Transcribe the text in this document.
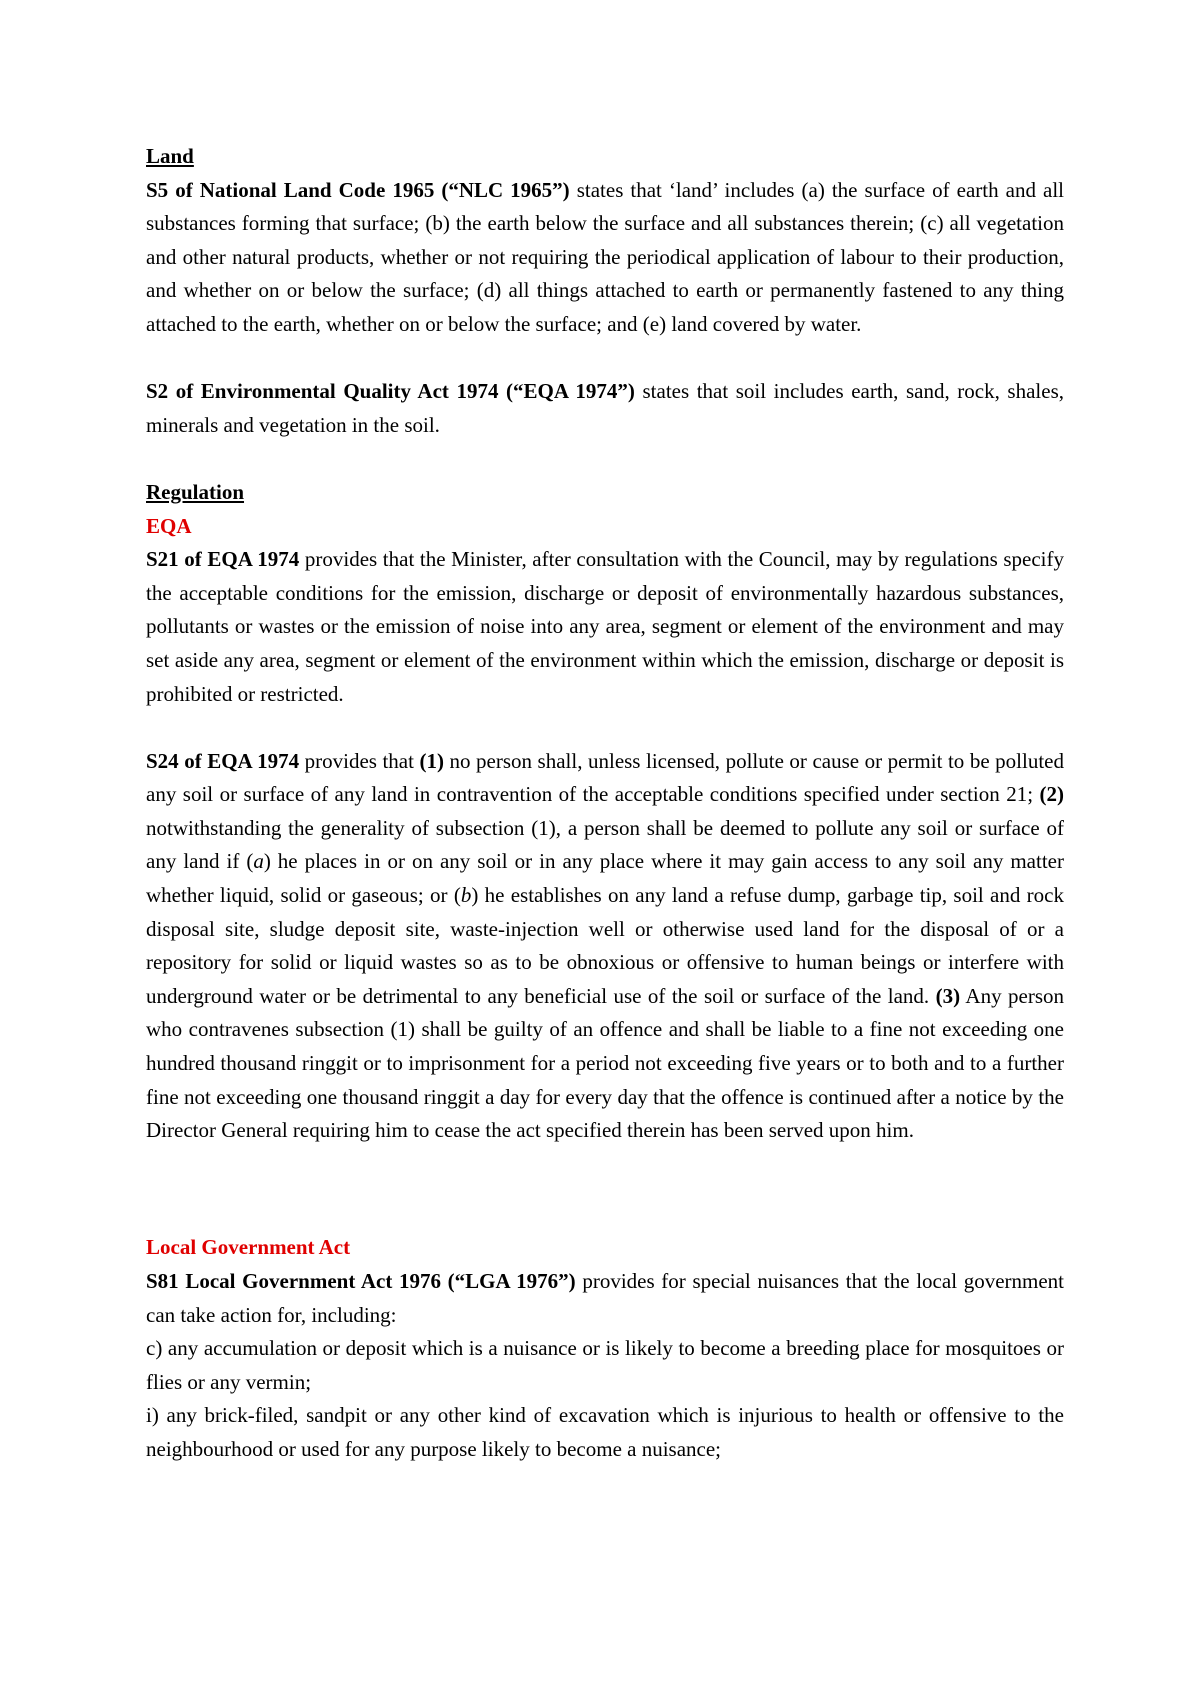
Land

S5 of National Land Code 1965 (“NLC 1965”) states that ‘land’ includes (a) the surface of earth and all substances forming that surface; (b) the earth below the surface and all substances therein; (c) all vegetation and other natural products, whether or not requiring the periodical application of labour to their production, and whether on or below the surface; (d) all things attached to earth or permanently fastened to any thing attached to the earth, whether on or below the surface; and (e) land covered by water.

S2 of Environmental Quality Act 1974 (“EQA 1974”) states that soil includes earth, sand, rock, shales, minerals and vegetation in the soil.

Regulation

EQA

S21 of EQA 1974 provides that the Minister, after consultation with the Council, may by regulations specify the acceptable conditions for the emission, discharge or deposit of environmentally hazardous substances, pollutants or wastes or the emission of noise into any area, segment or element of the environment and may set aside any area, segment or element of the environment within which the emission, discharge or deposit is prohibited or restricted.

S24 of EQA 1974 provides that (1) no person shall, unless licensed, pollute or cause or permit to be polluted any soil or surface of any land in contravention of the acceptable conditions specified under section 21; (2) notwithstanding the generality of subsection (1), a person shall be deemed to pollute any soil or surface of any land if (a) he places in or on any soil or in any place where it may gain access to any soil any matter whether liquid, solid or gaseous; or (b) he establishes on any land a refuse dump, garbage tip, soil and rock disposal site, sludge deposit site, waste-injection well or otherwise used land for the disposal of or a repository for solid or liquid wastes so as to be obnoxious or offensive to human beings or interfere with underground water or be detrimental to any beneficial use of the soil or surface of the land. (3) Any person who contravenes subsection (1) shall be guilty of an offence and shall be liable to a fine not exceeding one hundred thousand ringgit or to imprisonment for a period not exceeding five years or to both and to a further fine not exceeding one thousand ringgit a day for every day that the offence is continued after a notice by the Director General requiring him to cease the act specified therein has been served upon him.

Local Government Act

S81 Local Government Act 1976 (“LGA 1976”) provides for special nuisances that the local government can take action for, including:

c) any accumulation or deposit which is a nuisance or is likely to become a breeding place for mosquitoes or flies or any vermin;

i) any brick-filed, sandpit or any other kind of excavation which is injurious to health or offensive to the neighbourhood or used for any purpose likely to become a nuisance;
